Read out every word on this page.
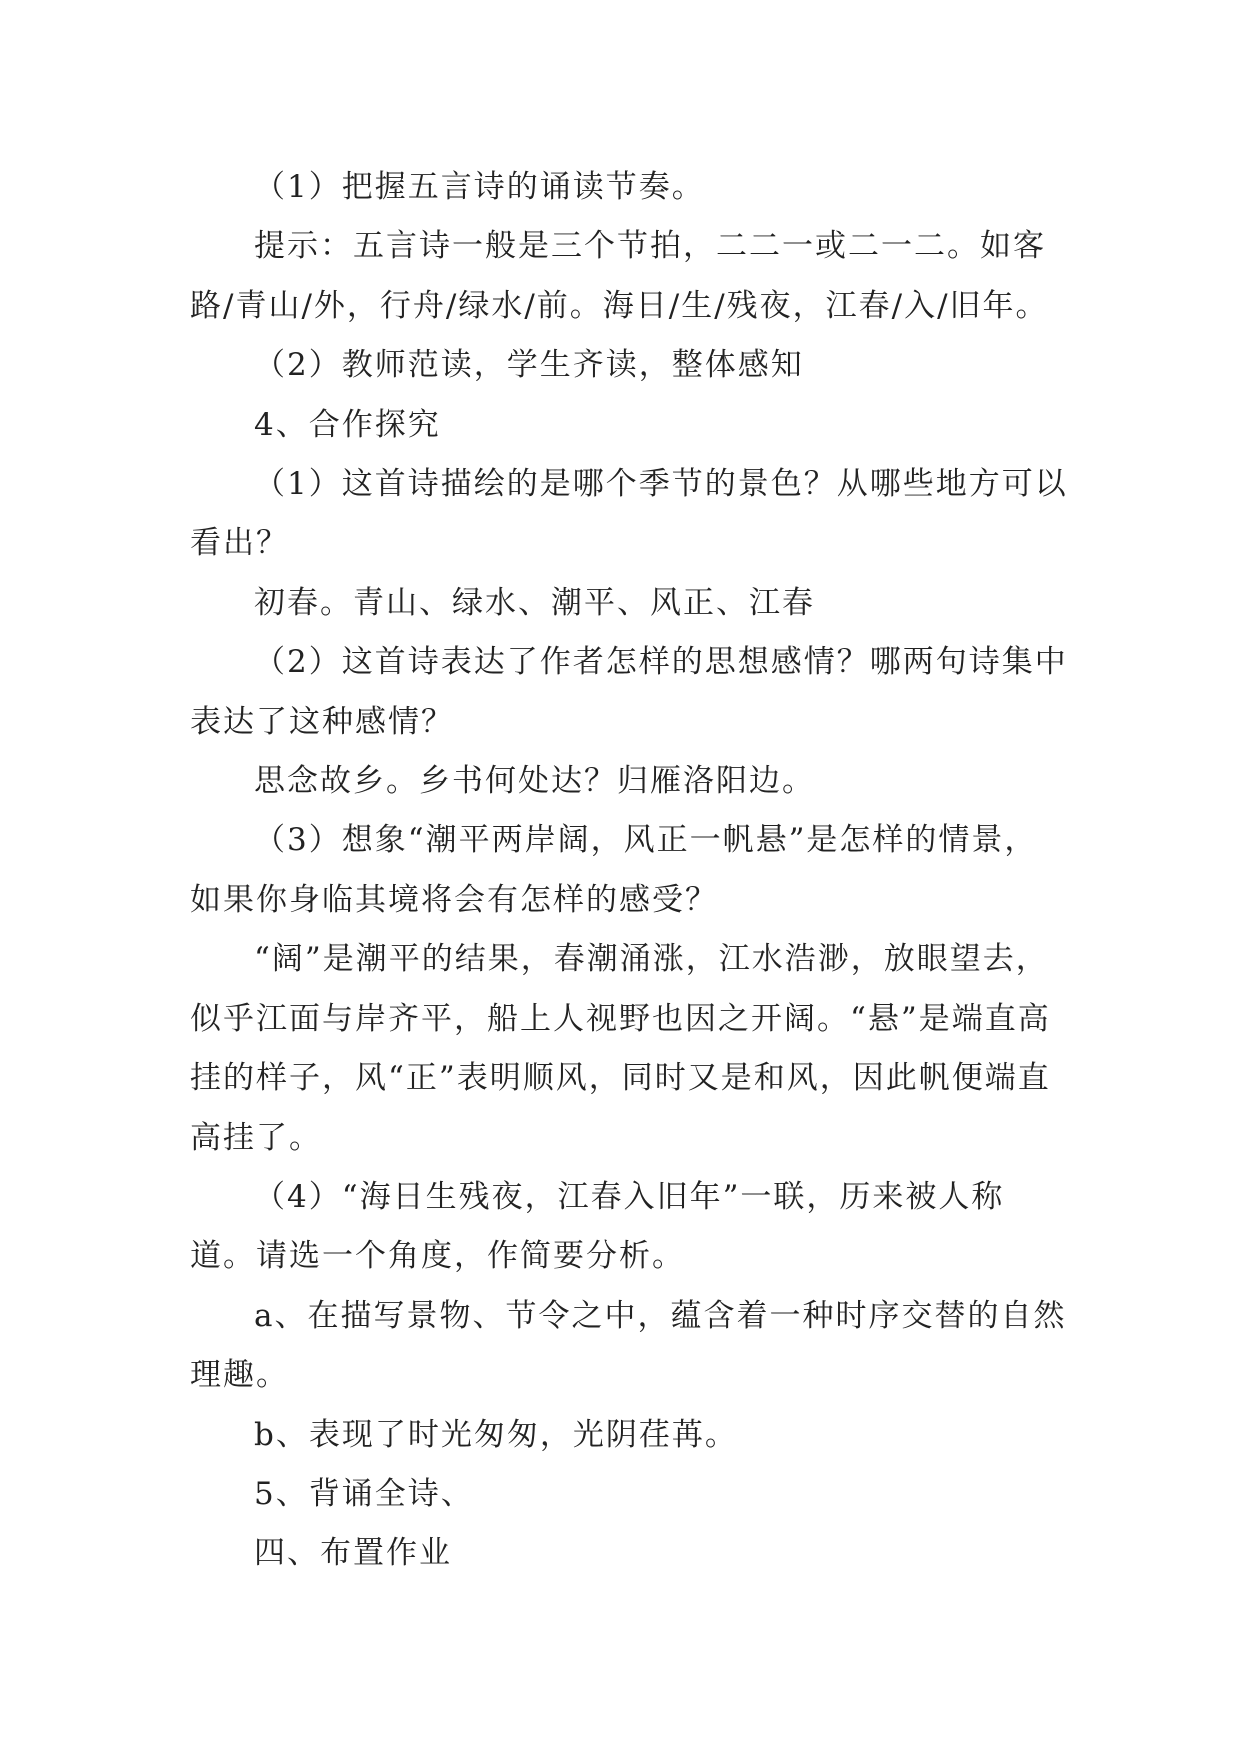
（1）把握五言诗的诵读节奏。

提示：五言诗一般是三个节拍，二二一或二一二。如客路/青山/外，行舟/绿水/前。海日/生/残夜，江春/入/旧年。

（2）教师范读，学生齐读，整体感知

4、合作探究

（1）这首诗描绘的是哪个季节的景色？从哪些地方可以看出？

初春。青山、绿水、潮平、风正、江春

（2）这首诗表达了作者怎样的思想感情？哪两句诗集中表达了这种感情？

思念故乡。乡书何处达？归雁洛阳边。

（3）想象“潮平两岸阔，风正一帆悬”是怎样的情景，如果你身临其境将会有怎样的感受？

“阔”是潮平的结果，春潮涌涨，江水浩渺，放眼望去，似乎江面与岸齐平，船上人视野也因之开阔。“悬”是端直高挂的样子，风“正”表明顺风，同时又是和风，因此帆便端直高挂了。

（4）“海日生残夜，江春入旧年”一联，历来被人称道。请选一个角度，作简要分析。

a、在描写景物、节令之中，蕴含着一种时序交替的自然理趣。

b、表现了时光匆匆，光阴荏苒。

5、背诵全诗、

四、布置作业
